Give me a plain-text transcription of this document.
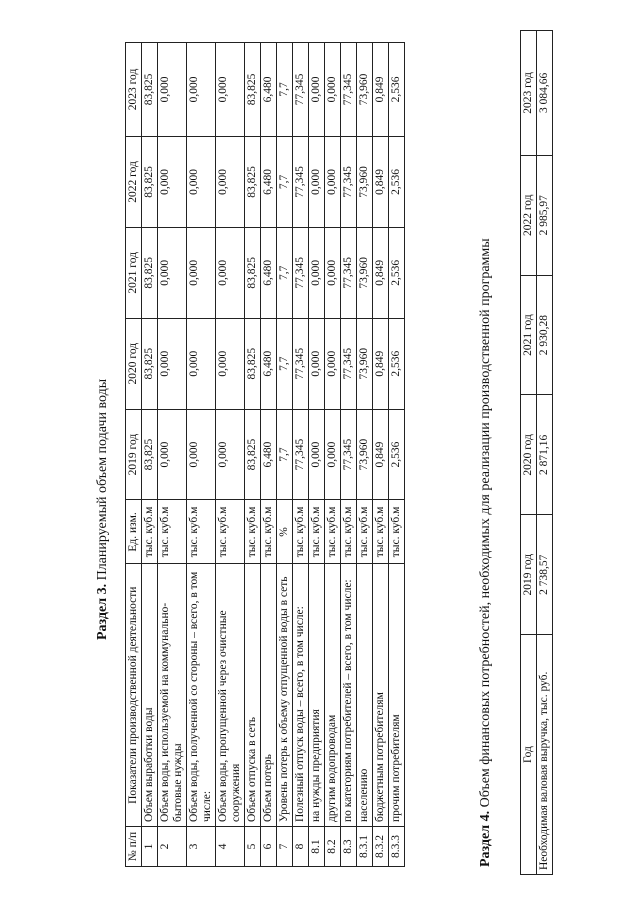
Раздел 3. Планируемый объем подачи воды
№ п/п	Показатели производственной деятельности	Ед. изм.	2019 год	2020 год	2021 год	2022 год	2023 год
1	Объем выработки воды	тыс. куб.м	83,825	83,825	83,825	83,825	83,825
2	Объем воды, используемой на коммунально-бытовые нужды	тыс. куб.м	0,000	0,000	0,000	0,000	0,000
3	Объем воды, полученной со стороны – всего, в том числе:	тыс. куб.м	0,000	0,000	0,000	0,000	0,000
4	Объем воды, пропущенной через очистные сооружения	тыс. куб.м	0,000	0,000	0,000	0,000	0,000
5	Объем отпуска в сеть	тыс. куб.м	83,825	83,825	83,825	83,825	83,825
6	Объем потерь	тыс. куб.м	6,480	6,480	6,480	6,480	6,480
7	Уровень потерь к объему отпущенной воды в сеть	%	7,7	7,7	7,7	7,7	7,7
8	Полезный отпуск воды – всего, в том числе:	тыс. куб.м	77,345	77,345	77,345	77,345	77,345
8.1	на нужды предприятия	тыс. куб.м	0,000	0,000	0,000	0,000	0,000
8.2	другим водопроводам	тыс. куб.м	0,000	0,000	0,000	0,000	0,000
8.3	по категориям потребителей – всего, в том числе:	тыс. куб.м	77,345	77,345	77,345	77,345	77,345
8.3.1	населению	тыс. куб.м	73,960	73,960	73,960	73,960	73,960
8.3.2	бюджетным потребителям	тыс. куб.м	0,849	0,849	0,849	0,849	0,849
8.3.3	прочим потребителям	тыс. куб.м	2,536	2,536	2,536	2,536	2,536
Раздел 4. Объем финансовых потребностей, необходимых для реализации производственной программы	Год	2019 год	2020 год	2021 год	2022 год	2023 год
Необходимая валовая выручка, тыс. руб.	2 738,57	2 871,16	2 930,28	2 985,97	3 084,66
